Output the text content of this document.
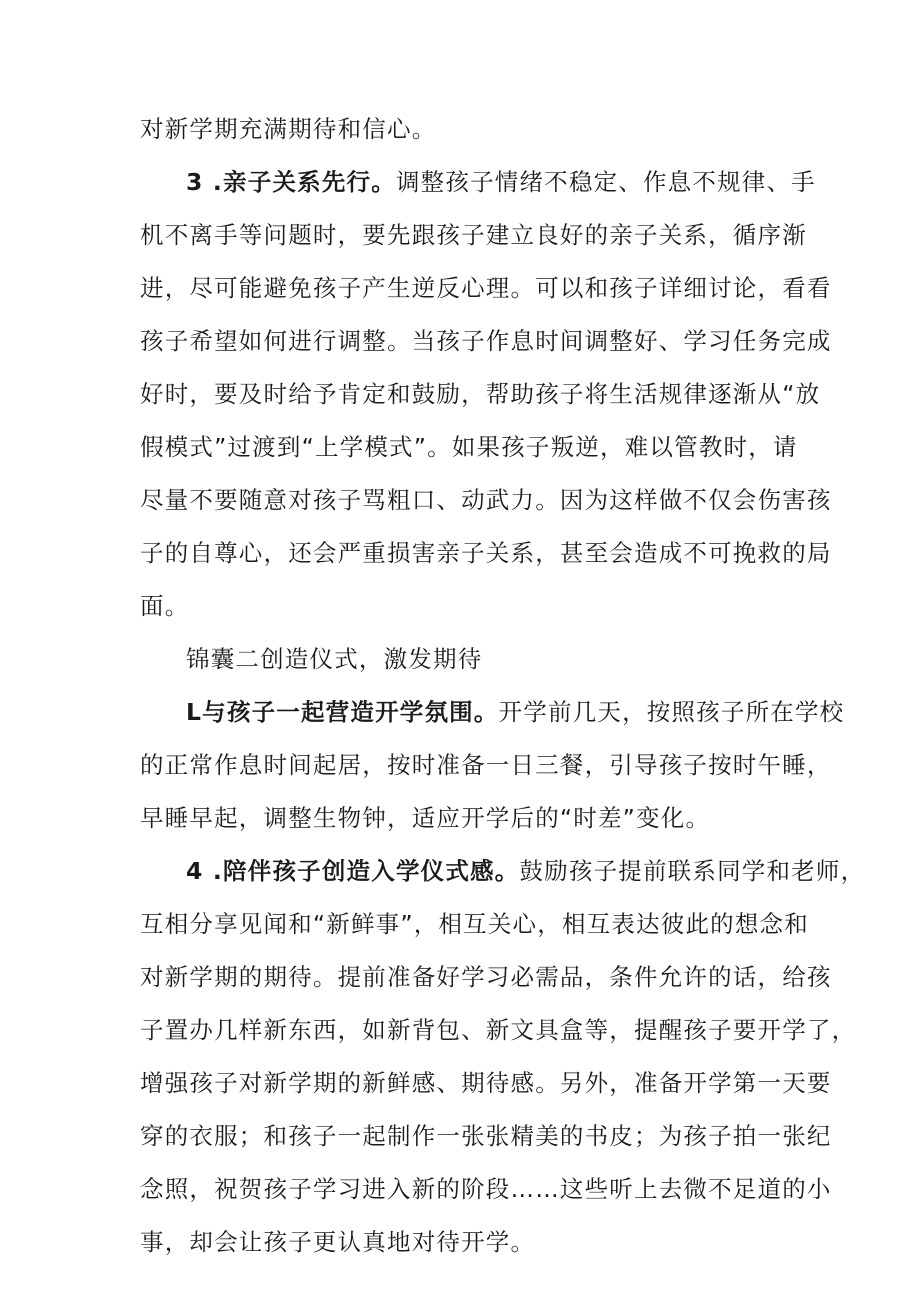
对新学期充满期待和信心。
3 .亲子关系先行。调整孩子情绪不稳定、作息不规律、手
机不离手等问题时，要先跟孩子建立良好的亲子关系，循序渐
进，尽可能避免孩子产生逆反心理。可以和孩子详细讨论，看看
孩子希望如何进行调整。当孩子作息时间调整好、学习任务完成
好时，要及时给予肯定和鼓励，帮助孩子将生活规律逐渐从“放
假模式”过渡到“上学模式”。如果孩子叛逆，难以管教时，请
尽量不要随意对孩子骂粗口、动武力。因为这样做不仅会伤害孩
子的自尊心，还会严重损害亲子关系，甚至会造成不可挽救的局
面。
锦囊二创造仪式，激发期待
L与孩子一起营造开学氛围。开学前几天，按照孩子所在学校
的正常作息时间起居，按时准备一日三餐，引导孩子按时午睡，
早睡早起，调整生物钟，适应开学后的“时差”变化。
4 .陪伴孩子创造入学仪式感。鼓励孩子提前联系同学和老师，
互相分享见闻和“新鲜事”，相互关心，相互表达彼此的想念和
对新学期的期待。提前准备好学习必需品，条件允许的话，给孩
子置办几样新东西，如新背包、新文具盒等，提醒孩子要开学了，
增强孩子对新学期的新鲜感、期待感。另外，准备开学第一天要
穿的衣服；和孩子一起制作一张张精美的书皮；为孩子拍一张纪
念照，祝贺孩子学习进入新的阶段……这些听上去微不足道的小
事，却会让孩子更认真地对待开学。
